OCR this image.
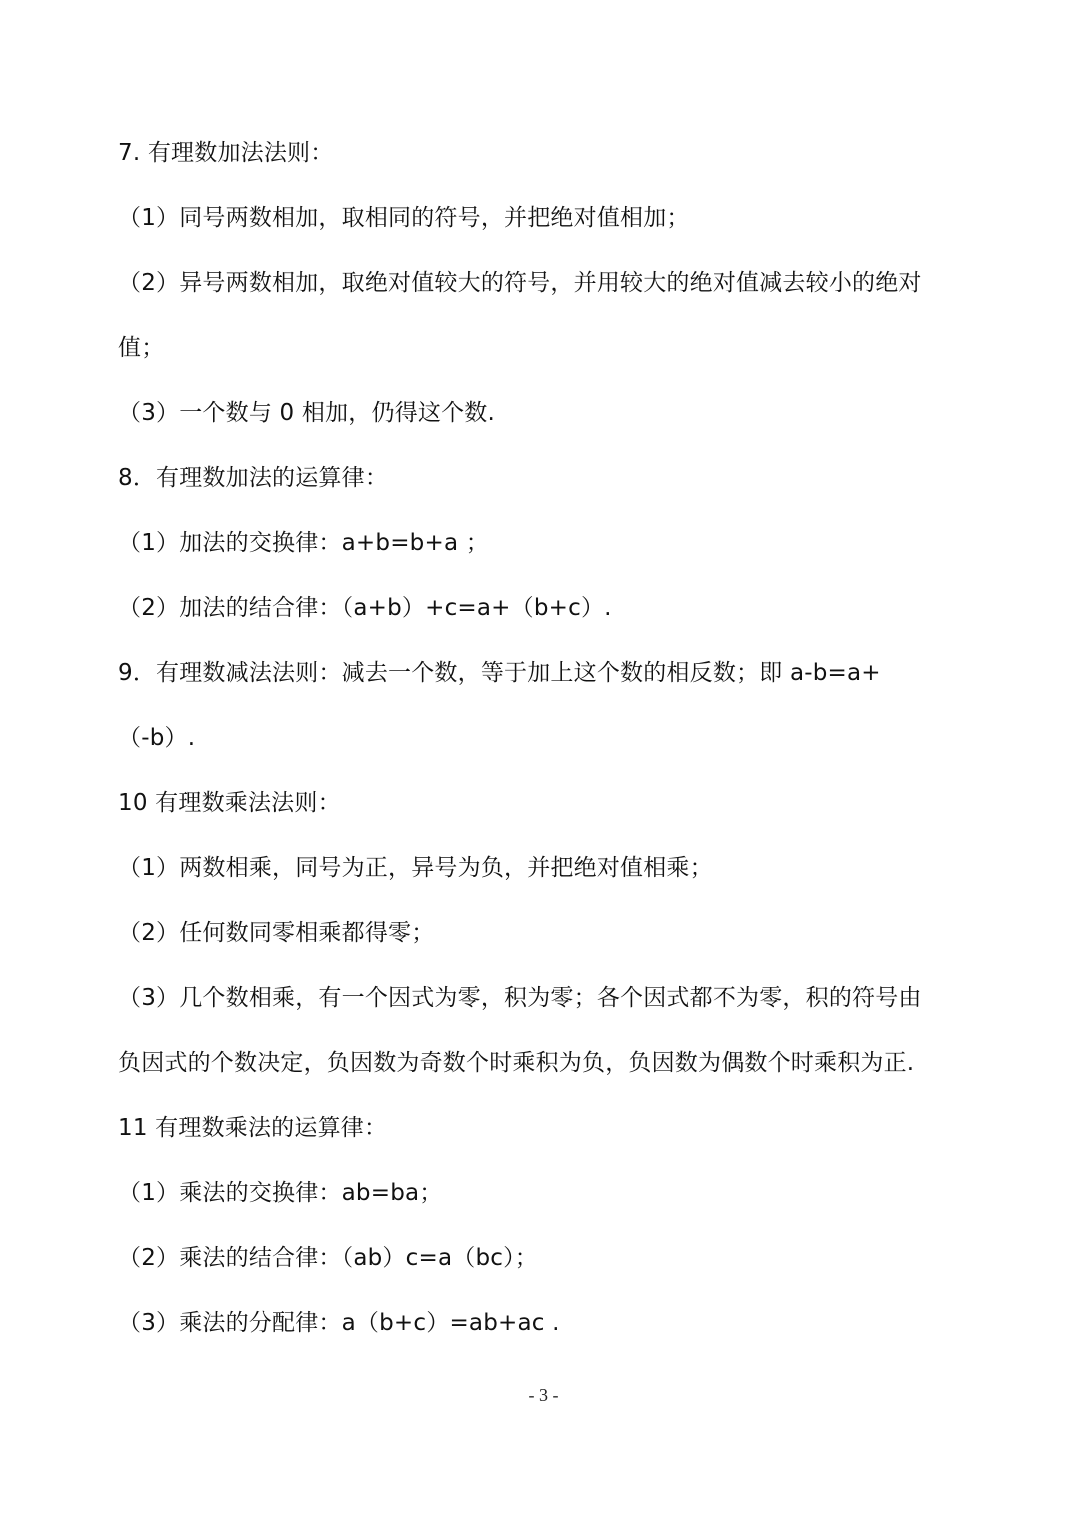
7. 有理数加法法则：
（1）同号两数相加，取相同的符号，并把绝对值相加；
（2）异号两数相加，取绝对值较大的符号，并用较大的绝对值减去较小的绝对
值；
（3）一个数与 0 相加，仍得这个数.
8．有理数加法的运算律：
（1）加法的交换律：a+b=b+a ；
（2）加法的结合律：（a+b）+c=a+（b+c）.
9．有理数减法法则：减去一个数，等于加上这个数的相反数；即 a-b=a+
（-b）.
10 有理数乘法法则：
（1）两数相乘，同号为正，异号为负，并把绝对值相乘；
（2）任何数同零相乘都得零；
（3）几个数相乘，有一个因式为零，积为零；各个因式都不为零，积的符号由
负因式的个数决定，负因数为奇数个时乘积为负，负因数为偶数个时乘积为正.
11 有理数乘法的运算律：
（1）乘法的交换律：ab=ba；
（2）乘法的结合律：（ab）c=a（bc）；
（3）乘法的分配律：a（b+c）=ab+ac .
- 3 -
